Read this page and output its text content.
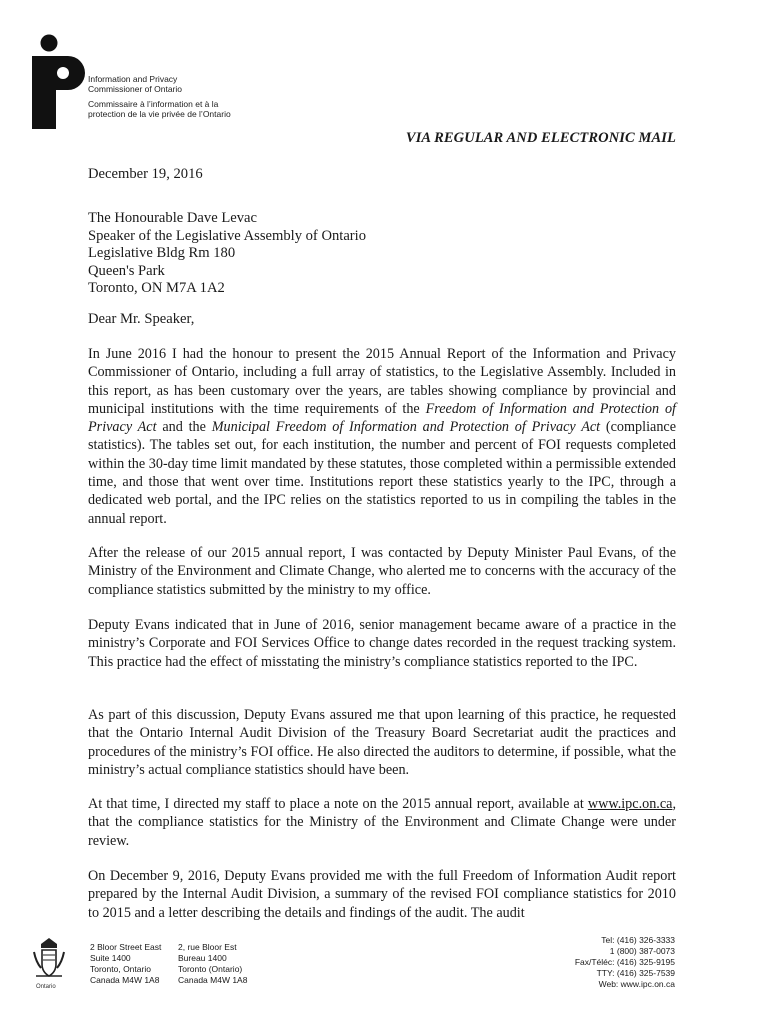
Information and Privacy
Commissioner of Ontario
Commissaire à l’information et à la
protection de la vie privée de l’Ontario
VIA REGULAR AND ELECTRONIC MAIL
December 19, 2016
The Honourable Dave Levac
Speaker of the Legislative Assembly of Ontario
Legislative Bldg Rm 180
Queen's Park
Toronto, ON M7A 1A2
Dear Mr. Speaker,
In June 2016 I had the honour to present the 2015 Annual Report of the Information and Privacy Commissioner of Ontario, including a full array of statistics, to the Legislative Assembly. Included in this report, as has been customary over the years, are tables showing compliance by provincial and municipal institutions with the time requirements of the Freedom of Information and Protection of Privacy Act and the Municipal Freedom of Information and Protection of Privacy Act (compliance statistics). The tables set out, for each institution, the number and percent of FOI requests completed within the 30-day time limit mandated by these statutes, those completed within a permissible extended time, and those that went over time. Institutions report these statistics yearly to the IPC, through a dedicated web portal, and the IPC relies on the statistics reported to us in compiling the tables in the annual report.
After the release of our 2015 annual report, I was contacted by Deputy Minister Paul Evans, of the Ministry of the Environment and Climate Change, who alerted me to concerns with the accuracy of the compliance statistics submitted by the ministry to my office.
Deputy Evans indicated that in June of 2016, senior management became aware of a practice in the ministry’s Corporate and FOI Services Office to change dates recorded in the request tracking system. This practice had the effect of misstating the ministry’s compliance statistics reported to the IPC.
As part of this discussion, Deputy Evans assured me that upon learning of this practice, he requested that the Ontario Internal Audit Division of the Treasury Board Secretariat audit the practices and procedures of the ministry’s FOI office. He also directed the auditors to determine, if possible, what the ministry’s actual compliance statistics should have been.
At that time, I directed my staff to place a note on the 2015 annual report, available at www.ipc.on.ca, that the compliance statistics for the Ministry of the Environment and Climate Change were under review.
On December 9, 2016, Deputy Evans provided me with the full Freedom of Information Audit report prepared by the Internal Audit Division, a summary of the revised FOI compliance statistics for 2010 to 2015 and a letter describing the details and findings of the audit. The audit
Ontario
2 Bloor Street East
Suite 1400
Toronto, Ontario
Canada M4W 1A8
2, rue Bloor Est
Bureau 1400
Toronto (Ontario)
Canada M4W 1A8
Tel: (416) 326-3333
1 (800) 387-0073
Fax/Téléc: (416) 325-9195
TTY: (416) 325-7539
Web: www.ipc.on.ca
